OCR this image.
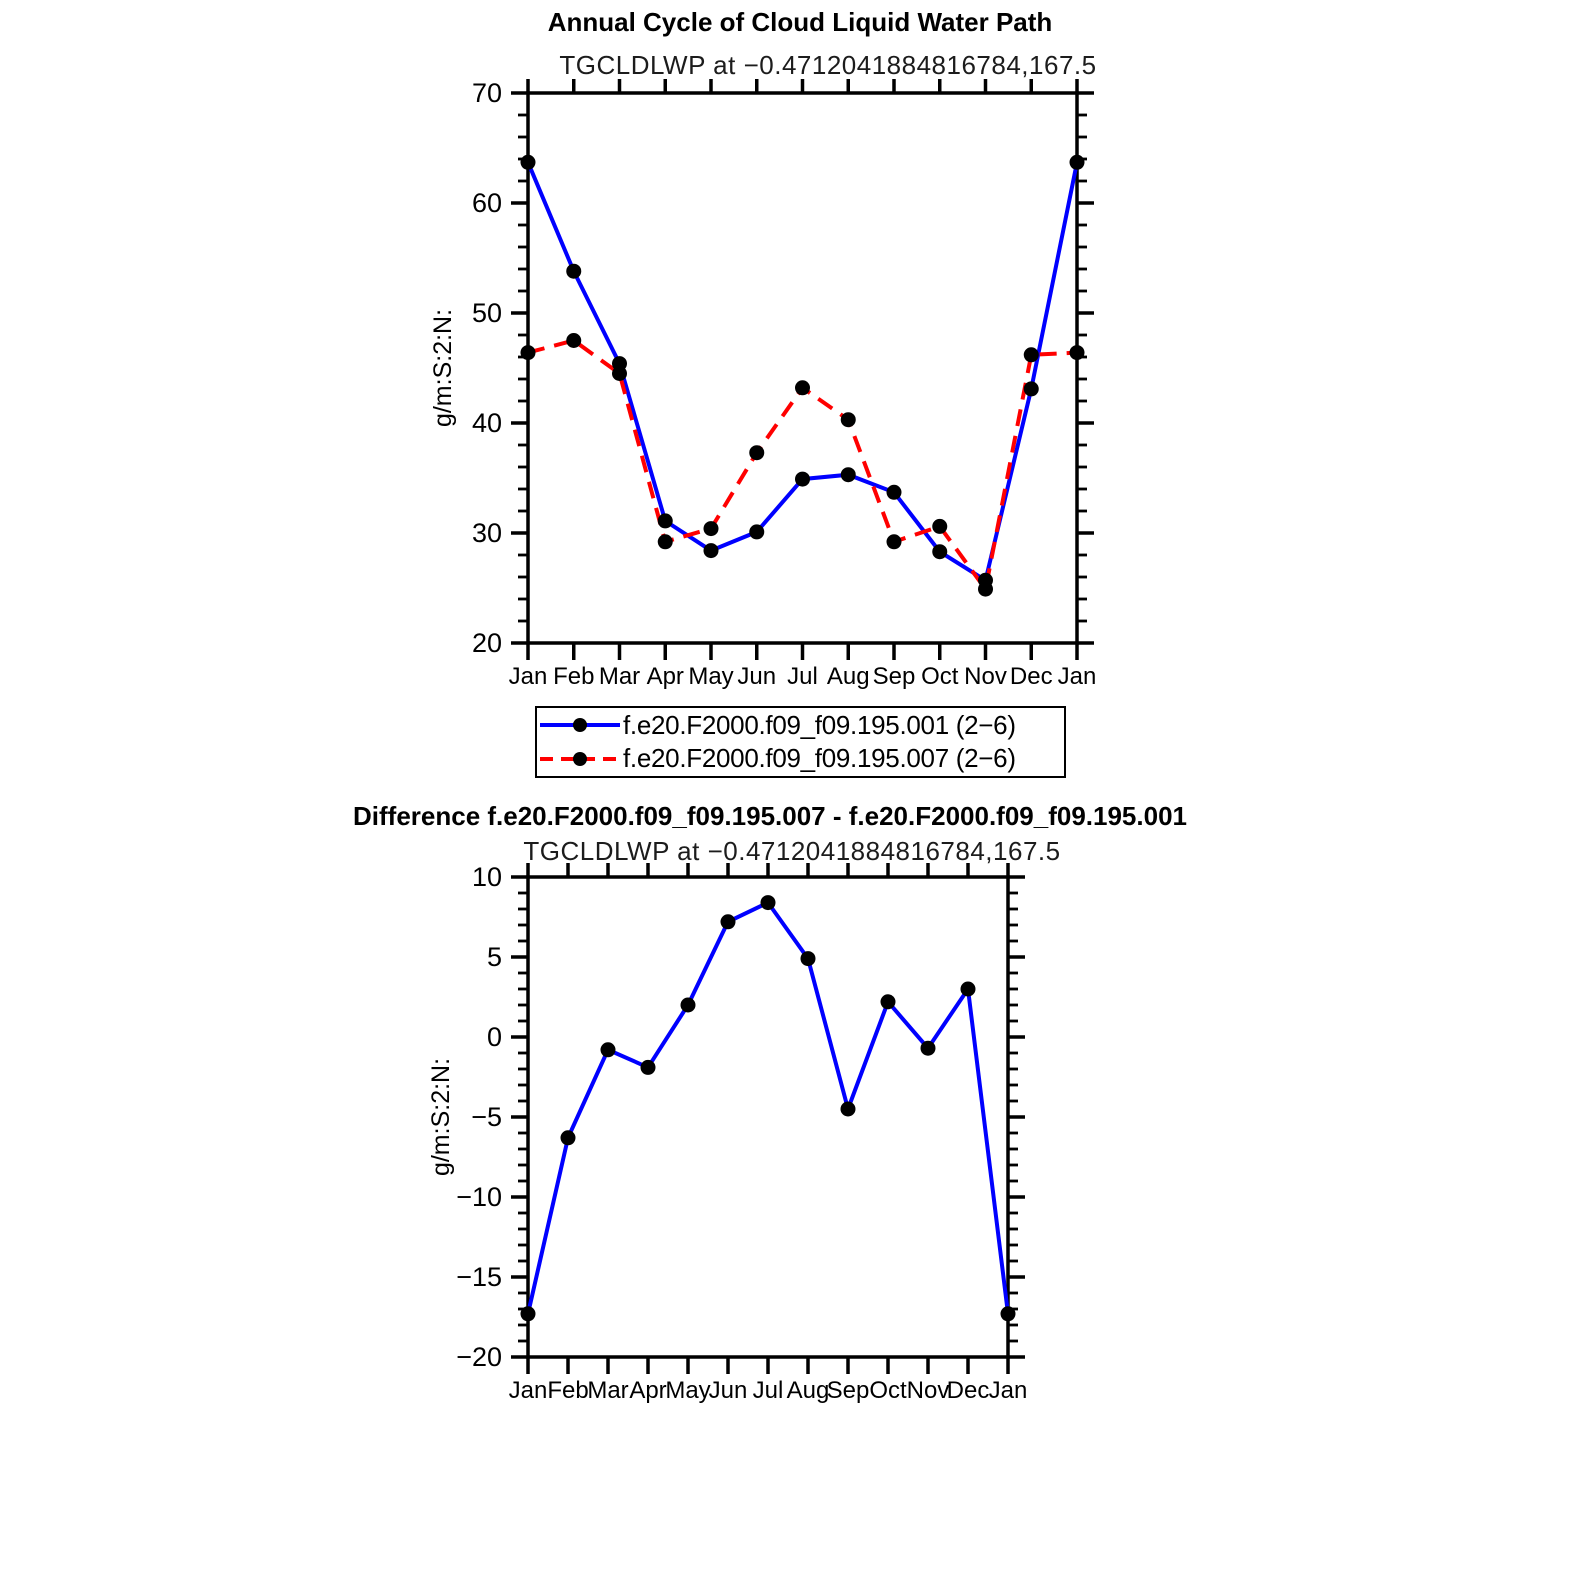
70
60
50
40
30
20
Jan Feb Mar Apr May Jun Jul Aug Sep Oct Nov Dec Jan
g/m:S:2:N:
10
5
0
−5
−10
−15
−20
Jan Feb
Mar Apr
May
Jun Jul Aug
Sep Oct Nov
Dec Jan
g/m:S:2:N:
Annual Cycle of Cloud Liquid Water Path
TGCLDLWP at −0.4712041884816784,167.5
f.e20.F2000.f09_f09.195.001 (2−6)
f.e20.F2000.f09_f09.195.007 (2−6)
Difference f.e20.F2000.f09_f09.195.007 - f.e20.F2000.f09_f09.195.001
TGCLDLWP at −0.4712041884816784,167.5
